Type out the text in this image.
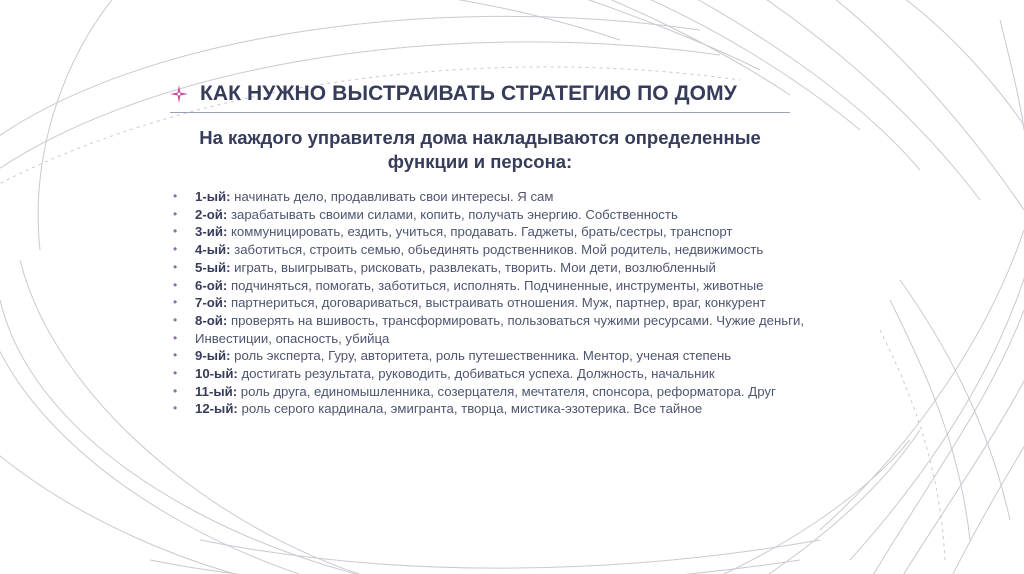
КАК НУЖНО ВЫСТРАИВАТЬ СТРАТЕГИЮ ПО ДОМУ
На каждого управителя дома накладываются определенные
функции и персона:
• 1-ый: начинать дело, продавливать свои интересы. Я сам
• 2-ой: зарабатывать своими силами, копить, получать энергию. Собственность
• 3-ий: коммуницировать, ездить, учиться, продавать. Гаджеты, брать/сестры, транспорт
• 4-ый: заботиться, строить семью, обьединять родственников. Мой родитель, недвижимость
• 5-ый: играть, выигрывать, рисковать, развлекать, творить. Мои дети, возлюбленный
• 6-ой: подчиняться, помогать, заботиться, исполнять. Подчиненные, инструменты, животные
• 7-ой: партнериться, договариваться, выстраивать отношения. Муж, партнер, враг, конкурент
• 8-ой: проверять на вшивость, трансформировать, пользоваться чужими ресурсами. Чужие деньги,
• Инвестиции, опасность, убийца
• 9-ый: роль эксперта, Гуру, авторитета, роль путешественника. Ментор, ученая степень
• 10-ый: достигать результата, руководить, добиваться успеха. Должность, начальник
• 11-ый: роль друга, единомышленника, созерцателя, мечтателя, спонсора, реформатора. Друг
• 12-ый: роль серого кардинала, эмигранта, творца, мистика-эзотерика. Все тайное
